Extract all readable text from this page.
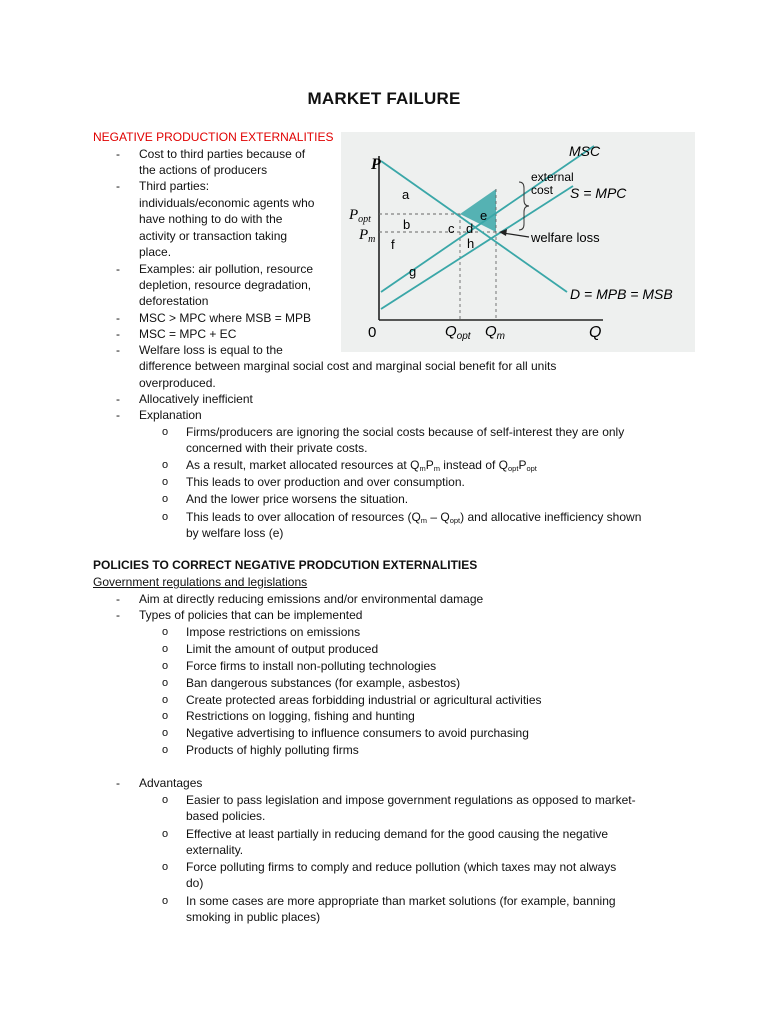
MARKET FAILURE
NEGATIVE PRODUCTION EXTERNALITIES
- Cost to third parties because of
the actions of producers
- Third parties:
individuals/economic agents who
have nothing to do with the
activity or transaction taking
place.
- Examples: air pollution, resource
depletion, resource degradation,
deforestation
- MSC > MPC where MSB = MPB
- MSC = MPC + EC
- Welfare loss is equal to the
difference between marginal social cost and marginal social benefit for all units
overproduced.
- Allocatively inefficient
- Explanation
o Firms/producers are ignoring the social costs because of self-interest they are only
concerned with their private costs.
o As a result, market allocated resources at $Q_mP_m$ instead of $Q_{opt}P_{opt}$
o This leads to over production and over consumption.
o And the lower price worsens the situation.
o This leads to over allocation of resources $(Q_m - Q_{opt})$ and allocative inefficiency shown
by welfare loss (e)
P
$P_{opt}$
$P_m$
0	Q
$Q_{opt}$ $Q_m$
MSC
S = MPC
external
cost
welfare loss
D = MPB = MSB
a
b	c d
e
f
g
h
POLICIES TO CORRECT NEGATIVE PRODCUTION EXTERNALITIES
Government regulations and legislations
- Aim at directly reducing emissions and/or environmental damage
- Types of policies that can be implemented
o Impose restrictions on emissions
o Limit the amount of output produced
o Force firms to install non-polluting technologies
o Ban dangerous substances (for example, asbestos)
o Create protected areas forbidding industrial or agricultural activities
o Restrictions on logging, fishing and hunting
o Negative advertising to influence consumers to avoid purchasing
o Products of highly polluting firms
- Advantages
o Easier to pass legislation and impose government regulations as opposed to market-
based policies.
o Effective at least partially in reducing demand for the good causing the negative
externality.
o Force polluting firms to comply and reduce pollution (which taxes may not always
do)
o In some cases are more appropriate than market solutions (for example, banning
smoking in public places)
